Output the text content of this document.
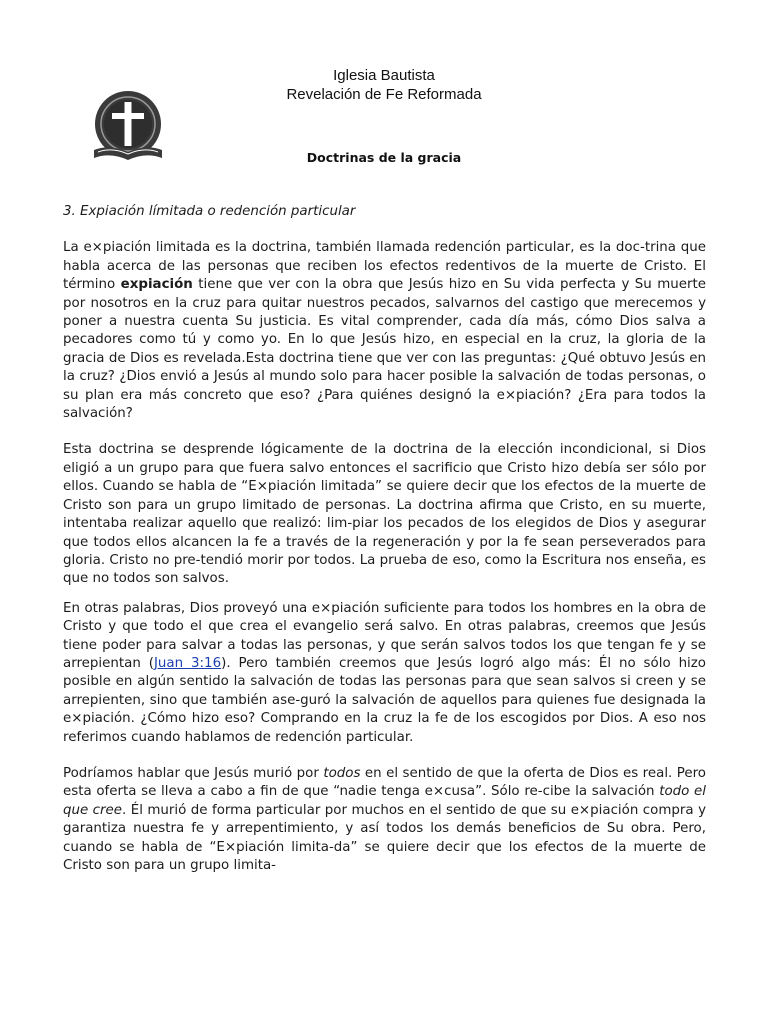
Iglesia Bautista
Revelación de Fe Reformada
Doctrinas de la gracia
3. Expiación límitada o redención particular

La e×piación limitada es la doctrina, también llamada redención particular, es la doc-trina que habla acerca de las personas que reciben los efectos redentivos de la muerte de Cristo. El término expiación tiene que ver con la obra que Jesús hizo en Su vida perfecta y Su muerte por nosotros en la cruz para quitar nuestros pecados, salvarnos del castigo que merecemos y poner a nuestra cuenta Su justicia. Es vital comprender, cada día más, cómo Dios salva a pecadores como tú y como yo. En lo que Jesús hizo, en especial en la cruz, la gloria de la gracia de Dios es revelada.Esta doctrina tiene que ver con las preguntas: ¿Qué obtuvo Jesús en la cruz? ¿Dios envió a Jesús al mundo solo para hacer posible la salvación de todas personas, o su plan era más concreto que eso? ¿Para quiénes designó la e×piación? ¿Era para todos la salvación?

Esta doctrina se desprende lógicamente de la doctrina de la elección incondicional, si Dios eligió a un grupo para que fuera salvo entonces el sacrificio que Cristo hizo debía ser sólo por ellos. Cuando se habla de “E×piación limitada” se quiere decir que los efectos de la muerte de Cristo son para un grupo limitado de personas. La doctrina afirma que Cristo, en su muerte, intentaba realizar aquello que realizó: lim-piar los pecados de los elegidos de Dios y asegurar que todos ellos alcancen la fe a través de la regeneración y por la fe sean perseverados para gloria. Cristo no pre-tendió morir por todos. La prueba de eso, como la Escritura nos enseña, es que no todos son salvos.

En otras palabras, Dios proveyó una e×piación suficiente para todos los hombres en la obra de Cristo y que todo el que crea el evangelio será salvo. En otras palabras, creemos que Jesús tiene poder para salvar a todas las personas, y que serán salvos todos los que tengan fe y se arrepientan (Juan 3:16). Pero también creemos que Jesús logró algo más: Él no sólo hizo posible en algún sentido la salvación de todas las personas para que sean salvos si creen y se arrepienten, sino que también ase-guró la salvación de aquellos para quienes fue designada la e×piación. ¿Cómo hizo eso? Comprando en la cruz la fe de los escogidos por Dios. A eso nos referimos cuando hablamos de redención particular.

Podríamos hablar que Jesús murió por todos en el sentido de que la oferta de Dios es real. Pero esta oferta se lleva a cabo a fin de que “nadie tenga e×cusa”. Sólo re-cibe la salvación todo el que cree. Él murió de forma particular por muchos en el sentido de que su e×piación compra y garantiza nuestra fe y arrepentimiento, y así todos los demás beneficios de Su obra. Pero, cuando se habla de “E×piación limita-da” se quiere decir que los efectos de la muerte de Cristo son para un grupo limita-
